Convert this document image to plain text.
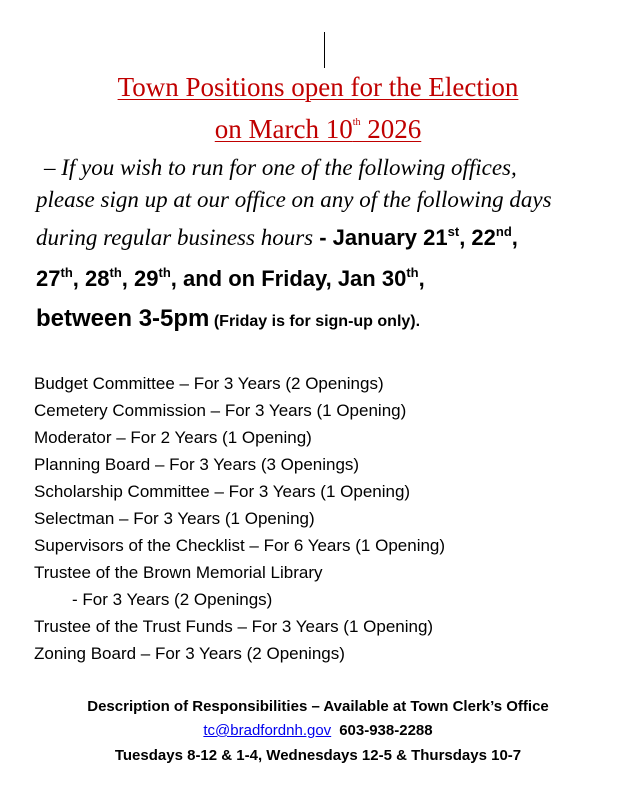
Town Positions open for the Election
on March 10th 2026
– If you wish to run for one of the following offices,
please sign up at our office on any of the following days
during regular business hours - January 21st, 22nd,
27th, 28th, 29th, and on Friday, Jan 30th,
between 3-5pm (Friday is for sign-up only).
Budget Committee – For 3 Years (2 Openings)
Cemetery Commission – For 3 Years (1 Opening)
Moderator – For 2 Years (1 Opening)
Planning Board – For 3 Years (3 Openings)
Scholarship Committee – For 3 Years (1 Opening)
Selectman – For 3 Years (1 Opening)
Supervisors of the Checklist – For 6 Years (1 Opening)
Trustee of the Brown Memorial Library
- For 3 Years (2 Openings)
Trustee of the Trust Funds – For 3 Years (1 Opening)
Zoning Board – For 3 Years (2 Openings)
Description of Responsibilities – Available at Town Clerk’s Office
tc@bradfordnh.gov 603-938-2288
Tuesdays 8-12 & 1-4, Wednesdays 12-5 & Thursdays 10-7
